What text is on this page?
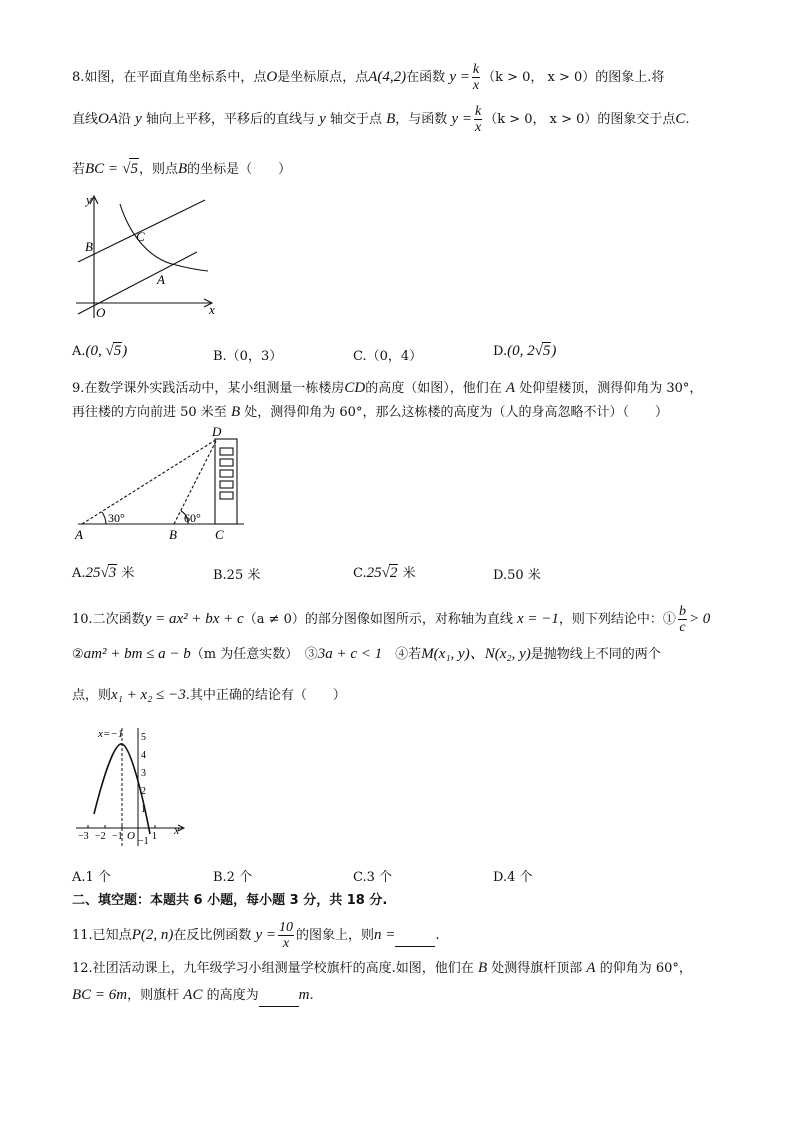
8.如图，在平面直角坐标系中，点O是坐标原点，点A(4,2)在函数 $y = \frac{k}{x} (k > 0$， x > 0）的图象上.将
直线OA沿 y 轴向上平移，平移后的直线与 y 轴交于点 B，与函数 $y = \frac{k}{x} (k > 0$， x > 0）的图象交于点C.
若BC = √5，则点B的坐标是（　　）
y
x
O
A
B
C
A.(0, √5)	B.（0，3）	C.（0，4）	D.(0, 2√5)
9.在数学课外实践活动中，某小组测量一栋楼房CD的高度（如图），他们在 A 处仰望楼顶，测得仰角为 30°，
再往楼的方向前进 50 米至 B 处，测得仰角为 60°，那么这栋楼的高度为（人的身高忽略不计）（　　）
D
A	B	C
30°	60°
A.25√3 米	B.25 米	C.25√2 米	D.50 米
10.二次函数y = ax² + bx + c（a ≠ 0）的部分图像如图所示，对称轴为直线 x = −1，则下列结论中：① $\frac{b}{c} > 0$
②am² + bm ≤ a − b（m 为任意实数）　③3a + c < 1　④若M(x₁, y)、N(x₂, y)是抛物线上不同的两个
点，则x₁ + x₂ ≤ −3.其中正确的结论有（　　）
x=−1
x
5
4
3
2
1
−1
−3 −2 −1 O 1
A.1 个	B.2 个	C.3 个	D.4 个
二、填空题：本题共 6 小题，每小题 3 分，共 18 分.
11.已知点P(2, n)在反比例函数 $y = \frac{10}{x}$ 的图象上，则n =	.
12.社团活动课上，九年级学习小组测量学校旗杆的高度.如图，他们在 B 处测得旗杆顶部 A 的仰角为 60°，
BC = 6m，则旗杆 AC 的高度为	m.
